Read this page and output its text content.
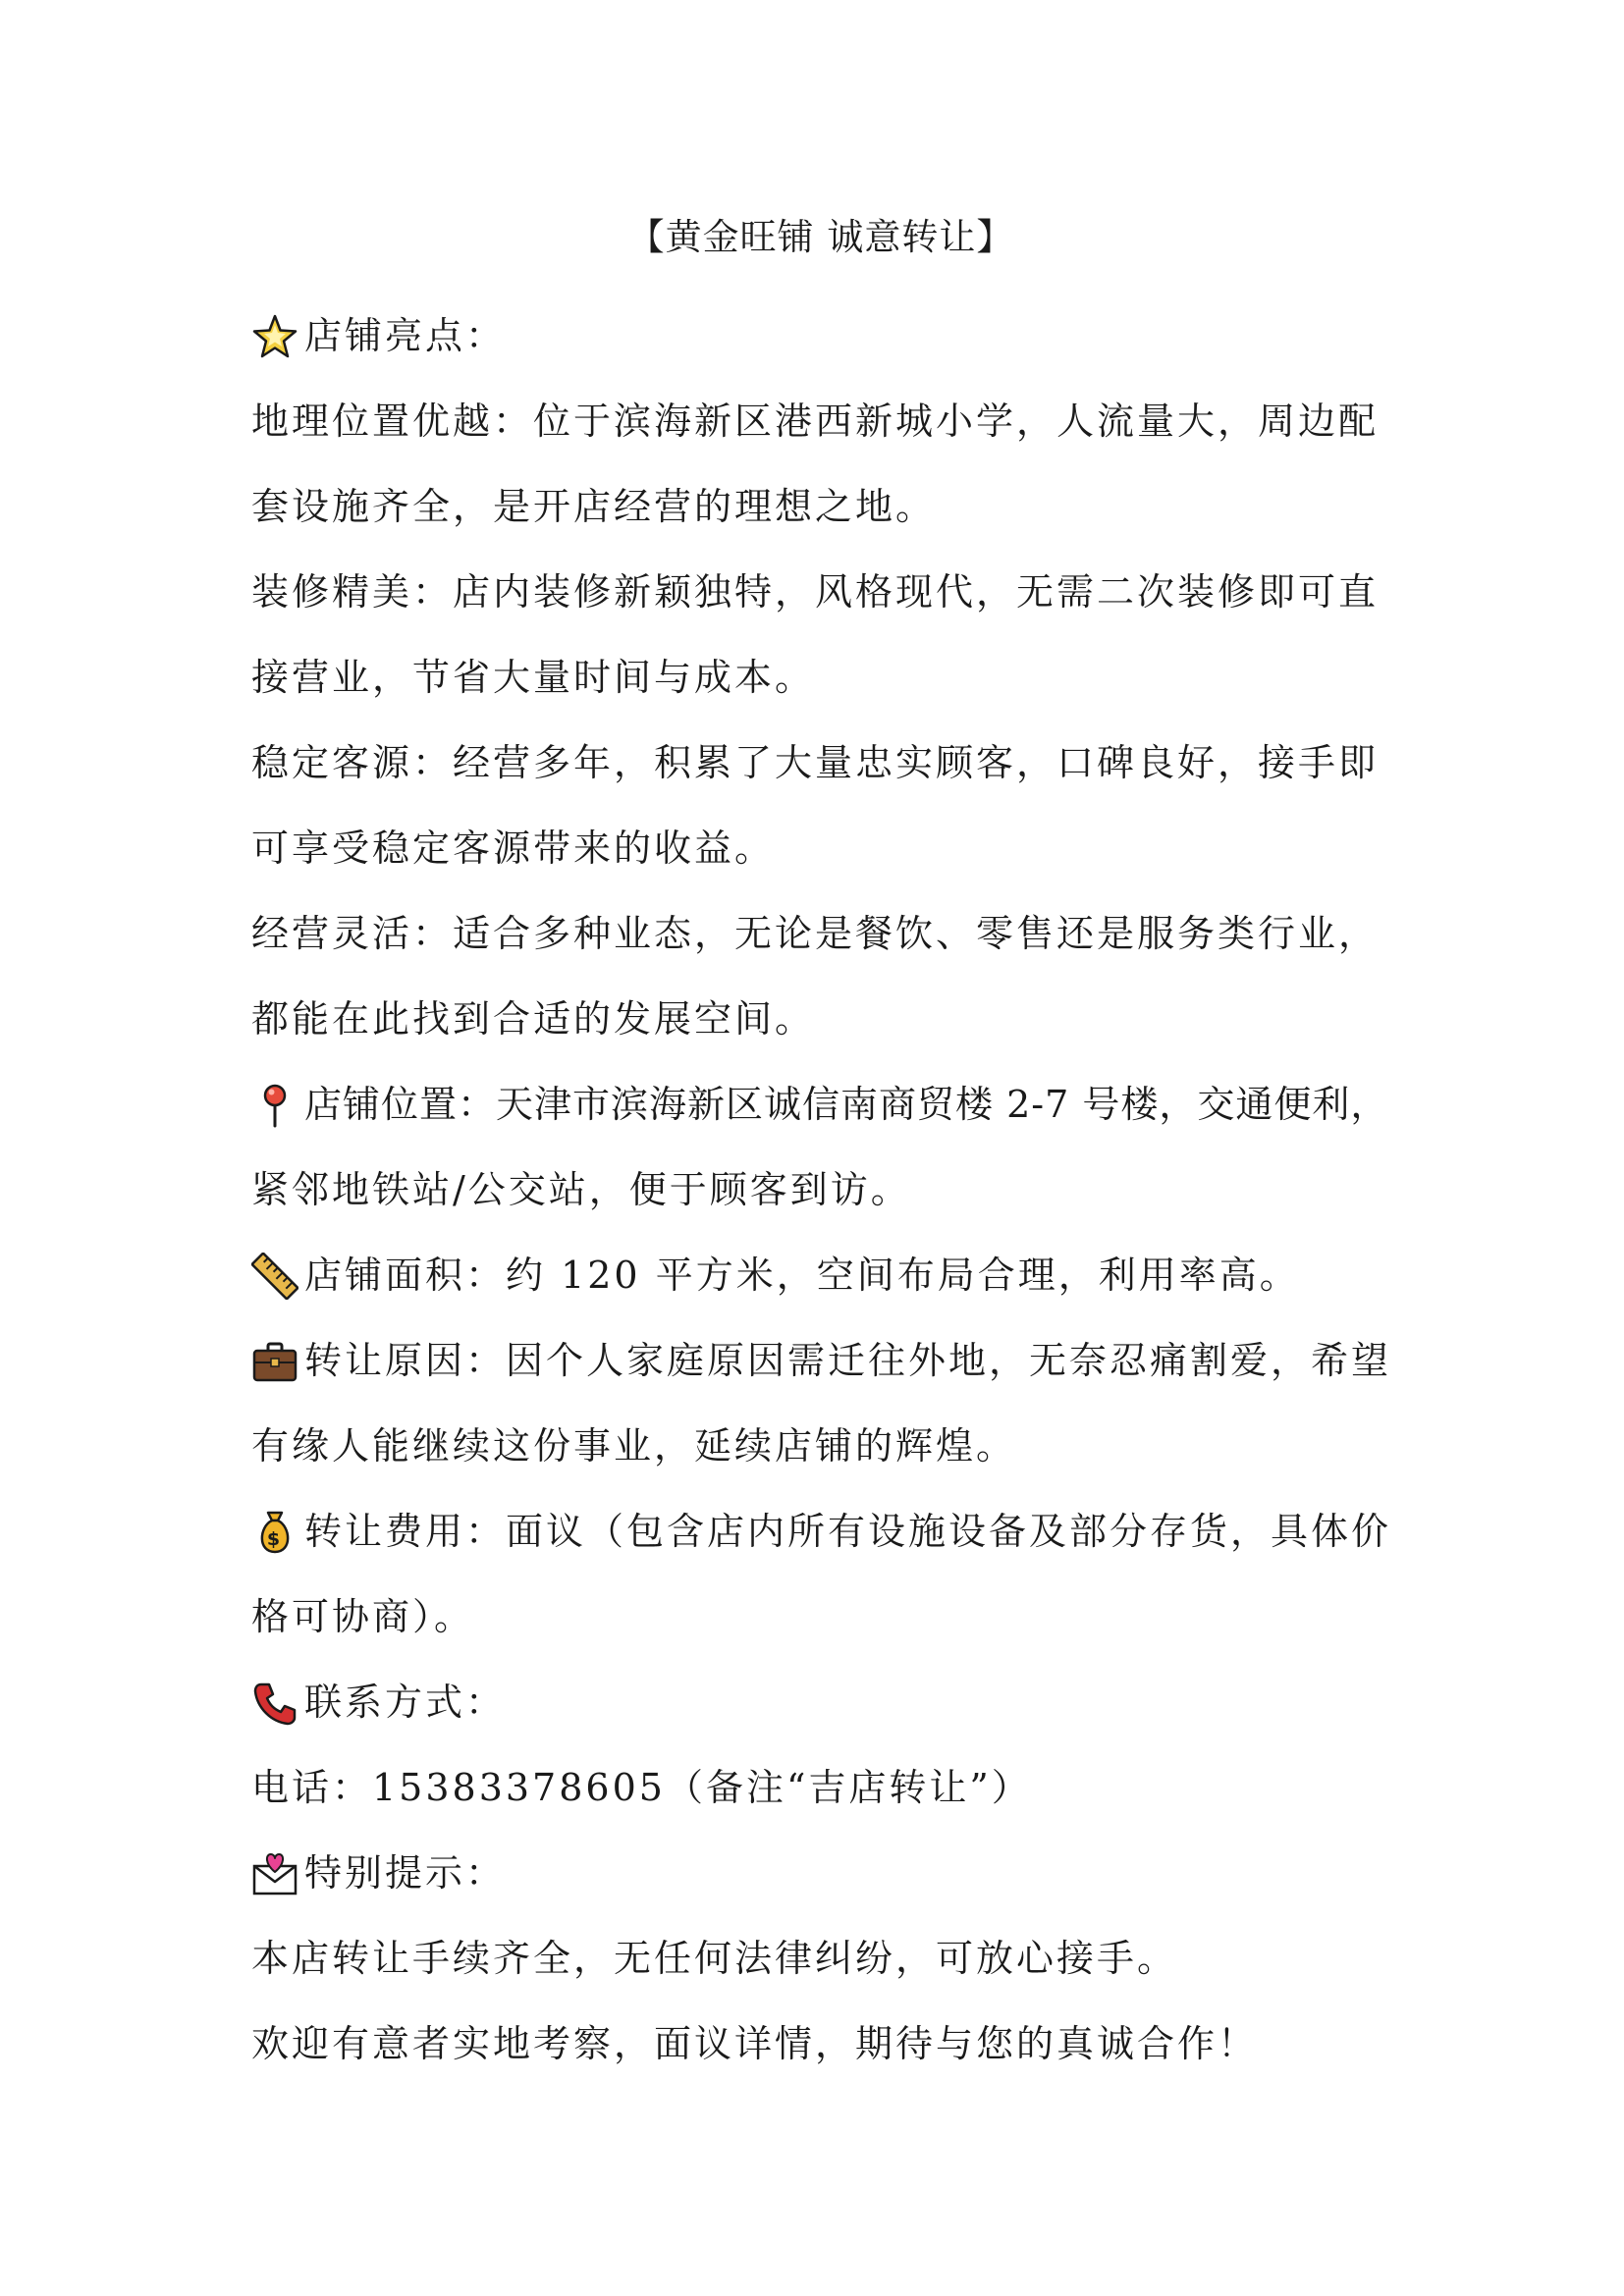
【黄金旺铺 诚意转让】
店铺亮点：
地理位置优越：位于滨海新区港西新城小学，人流量大，周边配
套设施齐全，是开店经营的理想之地。
装修精美：店内装修新颖独特，风格现代，无需二次装修即可直
接营业，节省大量时间与成本。
稳定客源：经营多年，积累了大量忠实顾客，口碑良好，接手即
可享受稳定客源带来的收益。
经营灵活：适合多种业态，无论是餐饮、零售还是服务类行业，
都能在此找到合适的发展空间。
店铺位置：天津市滨海新区诚信南商贸楼 2-7 号楼，交通便利，
紧邻地铁站/公交站，便于顾客到访。
店铺面积：约 120 平方米，空间布局合理，利用率高。
转让原因：因个人家庭原因需迁往外地，无奈忍痛割爱，希望
有缘人能继续这份事业，延续店铺的辉煌。
$ 转让费用：面议（包含店内所有设施设备及部分存货，具体价
格可协商）。
联系方式：
电话：15383378605（备注“吉店转让”）
特别提示：
本店转让手续齐全，无任何法律纠纷，可放心接手。
欢迎有意者实地考察，面议详情，期待与您的真诚合作！
